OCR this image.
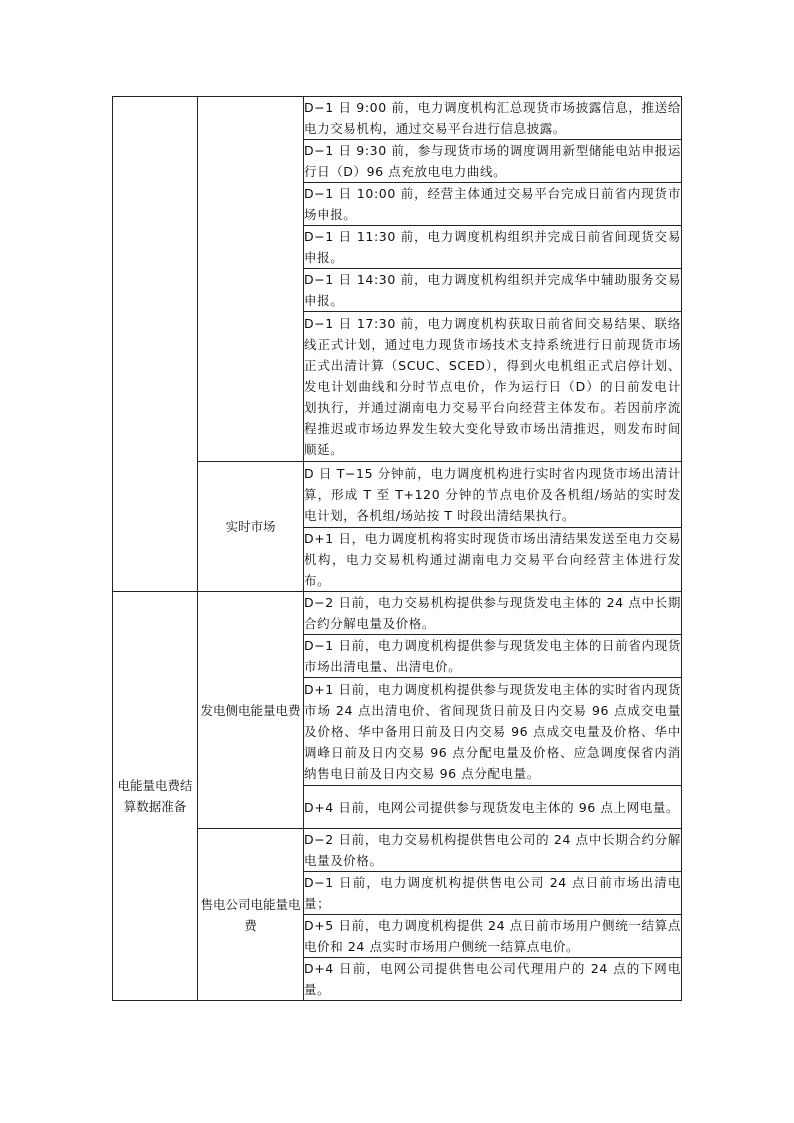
		D−1 日 9:00 前，电力调度机构汇总现货市场披露信息，推送给电力交易机构，通过交易平台进行信息披露。

		D−1 日 9:30 前，参与现货市场的调度调用新型储能电站申报运行日（D）96 点充放电电力曲线。

		D−1 日 10:00 前，经营主体通过交易平台完成日前省内现货市场申报。

		D−1 日 11:30 前，电力调度机构组织并完成日前省间现货交易申报。

		D−1 日 14:30 前，电力调度机构组织并完成华中辅助服务交易申报。

		D−1 日 17:30 前，电力调度机构获取日前省间交易结果、联络线正式计划，通过电力现货市场技术支持系统进行日前现货市场正式出清计算（SCUC、SCED），得到火电机组正式启停计划、发电计划曲线和分时节点电价，作为运行日（D）的日前发电计划执行，并通过湖南电力交易平台向经营主体发布。若因前序流程推迟或市场边界发生较大变化导致市场出清推迟，则发布时间顺延。

	实时市场	D 日 T−15 分钟前，电力调度机构进行实时省内现货市场出清计算，形成 T 至 T+120 分钟的节点电价及各机组/场站的实时发电计划，各机组/场站按 T 时段出清结果执行。

		D+1 日，电力调度机构将实时现货市场出清结果发送至电力交易机构，电力交易机构通过湖南电力交易平台向经营主体进行发布。

电能量电费结算数据准备	发电侧电能量电费	D−2 日前，电力交易机构提供参与现货发电主体的 24 点中长期合约分解电量及价格。

		D−1 日前，电力调度机构提供参与现货发电主体的日前省内现货市场出清电量、出清电价。

		D+1 日前，电力调度机构提供参与现货发电主体的实时省内现货市场 24 点出清电价、省间现货日前及日内交易 96 点成交电量及价格、华中备用日前及日内交易 96 点成交电量及价格、华中调峰日前及日内交易 96 点分配电量及价格、应急调度保省内消纳售电日前及日内交易 96 点分配电量。

		D+4 日前，电网公司提供参与现货发电主体的 96 点上网电量。

	售电公司电能量电费	D−2 日前，电力交易机构提供售电公司的 24 点中长期合约分解电量及价格。

		D−1 日前，电力调度机构提供售电公司 24 点日前市场出清电量；

		D+5 日前，电力调度机构提供 24 点日前市场用户侧统一结算点电价和 24 点实时市场用户侧统一结算点电价。

		D+4 日前，电网公司提供售电公司代理用户的 24 点的下网电量。
